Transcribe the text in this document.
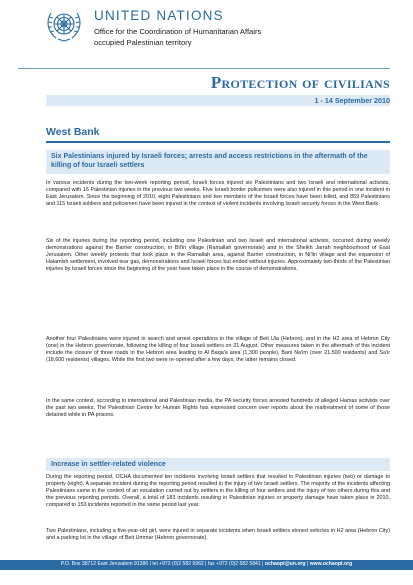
UNITED NATIONS
Office for the Coordination of Humanitarian Affairs
occupied Palestinian territory
Protection of civilians
1 - 14 September 2010
West Bank
Six Palestinians injured by Israeli forces; arrests and access restrictions in the aftermath of the killing of four Israeli settlers
In various incidents during the two-week reporting period, Israeli forces injured six Palestinians and two Israeli and international activists, compared with 16 Palestinian injuries in the previous two weeks. Five Israeli border policemen were also injured in this period in one incident in East Jerusalem. Since the beginning of 2010, eight Palestinians and two members of the Israeli forces have been killed, and 859 Palestinians and 115 Israeli soldiers and policemen have been injured in the context of violent incidents involving Israeli security forces in the West Bank.
Six of the injuries during the reporting period, including one Palestinian and two Israeli and international activists, occurred during weekly demonstrations against the Barrier construction, in Bil'in village (Ramallah governorate) and in the Sheikh Jarrah neighbourhood of East Jerusalem. Other weekly protests that took place in the Ramallah area, against Barrier construction, in Ni'lin village and the expansion of Halamish settlement, involved tear gas, demonstrations and Israeli forces but ended without injuries. Approximately two-thirds of the Palestinian injuries by Israeli forces since the beginning of the year have taken place in the course of demonstrations.
Another four Palestinians were injured in search and arrest operations in the village of Beit Ula (Hebron), and in the H2 area of Hebron City (one) in the Hebron governorate, following the killing of four Israeli settlers on 31 August. Other measures taken in the aftermath of this incident include the closure of three roads in the Hebron area leading to Al Baqa'a area (1,300 people), Bani Na'im (over 21,500 residents) and Sa'ir (18,600 residents) villages. While the first two were re-opened after a few days, the latter remains closed.
In the same context, according to international and Palestinian media, the PA security forces arrested hundreds of alleged Hamas activists over the past two weeks. The Palestinian Centre for Human Rights has expressed concern over reports about the maltreatment of some of those detained while in PA prisons.
Increase in settler-related violence
During the reporting period, OCHA documented ten incidents involving Israeli settlers that resulted in Palestinian injuries (two) or damage to property (eight). A separate incident during the reporting period resulted in the injury of two Israeli settlers. The majority of the incidents affecting Palestinians came in the context of an escalation carried out by settlers in the killing of four settlers and the injury of two others during this and the previous reporting periods. Overall, a total of 183 incidents resulting in Palestinian injuries or property damage have taken place in 2010, compared to 153 incidents reported in the same period last year.
Two Palestinians, including a five-year-old girl, were injured in separate incidents when Israeli settlers stoned vehicles in H2 area (Hebron City) and a parking lot in the village of Beit Ummar (Hebron governorate).
P.O. Box 38712 East Jerusalem 91386 | tel +972 (0)2 582 9962 | fax +972 (0)2 582 5841 | ochaopt@un.org | www.ochaopt.org
